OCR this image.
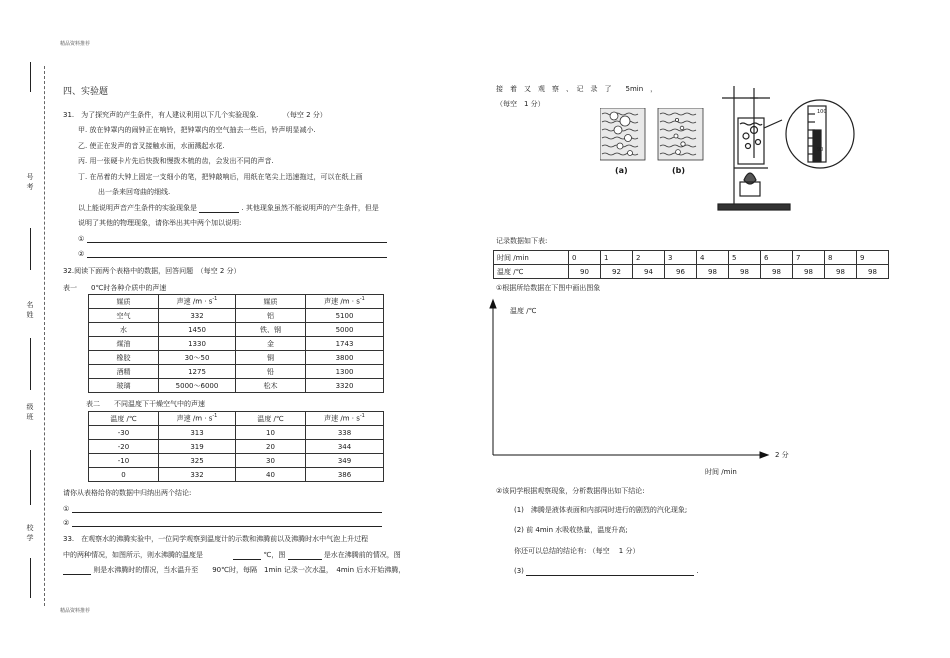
精品资料推荐
精品资料推荐
号考
名姓
级班
校学
四、实验题
31.　为了探究声的产生条件，有人建议利用以下几个实验现象.　　　　（每空 2 分）
甲. 放在钟罩内的闹钟正在响铃，把钟罩内的空气抽去一些后，铃声明显减小.
乙. 使正在发声的音叉接触水面，水面溅起水花.
丙. 用一张硬卡片先后快拨和慢拨木梳的齿，会发出不同的声音.
丁. 在吊着的大钟上固定一支细小的笔，把钟敲响后，用纸在笔尖上迅速拖过，可以在纸上画
出一条来回弯曲的细线.
以上能说明声音产生条件的实验现象是	. 其他现象虽然不能说明声的产生条件，但是
说明了其他的物理现象，请你举出其中两个加以说明:
①
②
32.阅读下面两个表格中的数据，回答问题　（每空 2 分）
表一　　0℃时各种介质中的声速
媒质	声速 $/m \cdot s^{-1}$	媒质	声速 $/m \cdot s^{-1}$
空气	332	铝	5100
水	1450	铁、钢	5000
煤油	1330	金	1743
橡胶	30～50	铜	3800
酒精	1275	铅	1300
玻璃	5000～6000	松木	3320
表二　　不同温度下干燥空气中的声速
温度 /℃	声速 $/m \cdot s^{-1}$	温度 /℃	声速 $/m \cdot s^{-1}$
-30	313	10	338
-20	319	20	344
-10	325	30	349
0	332	40	386
请你从表格给你的数据中归纳出两个结论:
①
②
33.　在观察水的沸腾实验中，一位同学观察到温度计的示数和沸腾前以及沸腾时水中气泡上升过程
中的两种情况，如图所示，则水沸腾的温度是	℃，图	是水在沸腾前的情况，图
则是水沸腾时的情况，当水温升至　　90℃时，每隔　1min 记录一次水温，　4min 后水开始沸腾，
接　着　又　观　察　、　记　录　了　　5min　，
（每空　1 分）
(a)	(b)
100
90
记录数据如下表:
时间 /min	0	1	2	3	4	5	6	7	8	9
温度 /℃	90	92	94	96	98	98	98	98	98	98
①根据所给数据在下图中画出图象
温度 /℃
时间 /min
2 分
②该同学根据观察现象，分析数据得出如下结论:
(1)　沸腾是液体表面和内部同时进行的剧烈的汽化现象;
(2) 前 4min 水吸收热量，温度升高;
你还可以总结的结论有: （每空　 1 分）
(3)	.
